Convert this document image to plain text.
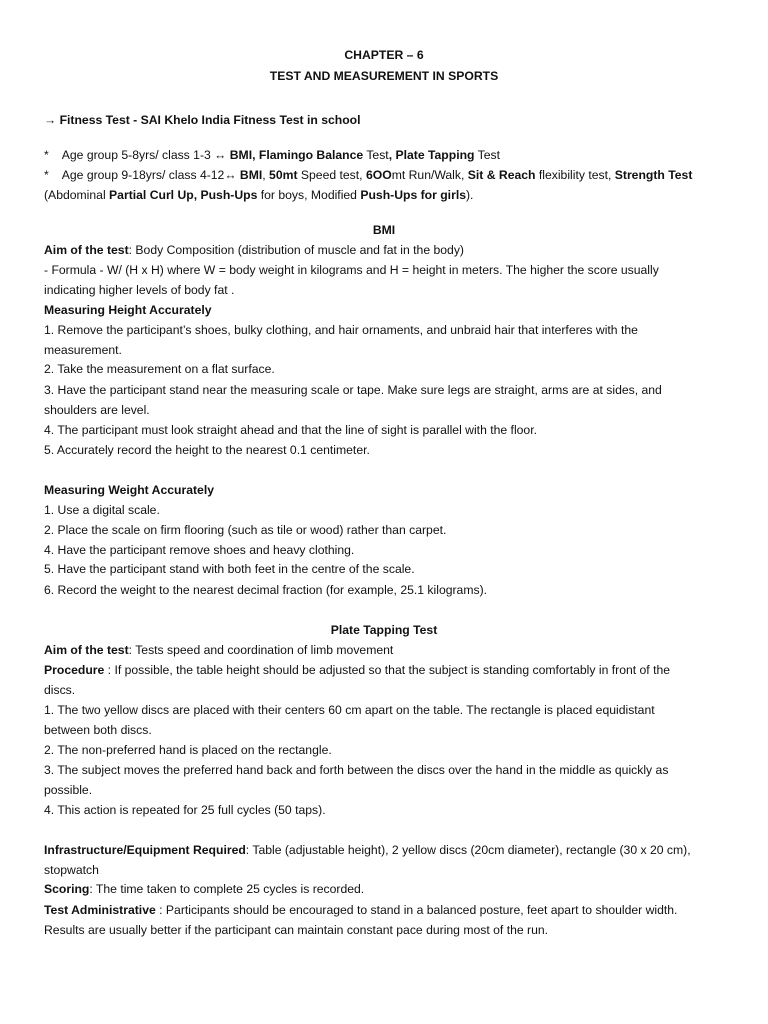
CHAPTER – 6
TEST AND MEASUREMENT IN SPORTS
→ Fitness Test - SAI Khelo India Fitness Test in school
* Age group 5-8yrs/ class 1-3 ↔ BMI, Flamingo Balance Test, Plate Tapping Test
* Age group 9-18yrs/ class 4-12↔ BMI, 50mt Speed test, 6OOmt Run/Walk, Sit & Reach flexibility test, Strength Test
(Abdominal Partial Curl Up, Push-Ups for boys, Modified Push-Ups for girls).
BMI
Aim of the test: Body Composition (distribution of muscle and fat in the body)
- Formula - W/ (H x H) where W = body weight in kilograms and H = height in meters. The higher the score usually
indicating higher levels of body fat .
Measuring Height Accurately
1. Remove the participant’s shoes, bulky clothing, and hair ornaments, and unbraid hair that interferes with the
measurement.
2. Take the measurement on a flat surface.
3. Have the participant stand near the measuring scale or tape. Make sure legs are straight, arms are at sides, and
shoulders are level.
4. The participant must look straight ahead and that the line of sight is parallel with the floor.
5. Accurately record the height to the nearest 0.1 centimeter.
Measuring Weight Accurately
1. Use a digital scale.
2. Place the scale on firm flooring (such as tile or wood) rather than carpet.
4. Have the participant remove shoes and heavy clothing.
5. Have the participant stand with both feet in the centre of the scale.
6. Record the weight to the nearest decimal fraction (for example, 25.1 kilograms).
Plate Tapping Test
Aim of the test: Tests speed and coordination of limb movement
Procedure : If possible, the table height should be adjusted so that the subject is standing comfortably in front of the
discs.
1. The two yellow discs are placed with their centers 60 cm apart on the table. The rectangle is placed equidistant
between both discs.
2. The non-preferred hand is placed on the rectangle.
3. The subject moves the preferred hand back and forth between the discs over the hand in the middle as quickly as
possible.
4. This action is repeated for 25 full cycles (50 taps).
Infrastructure/Equipment Required: Table (adjustable height), 2 yellow discs (20cm diameter), rectangle (30 x 20 cm),
stopwatch
Scoring: The time taken to complete 25 cycles is recorded.
Test Administrative : Participants should be encouraged to stand in a balanced posture, feet apart to shoulder width.
Results are usually better if the participant can maintain constant pace during most of the run.
